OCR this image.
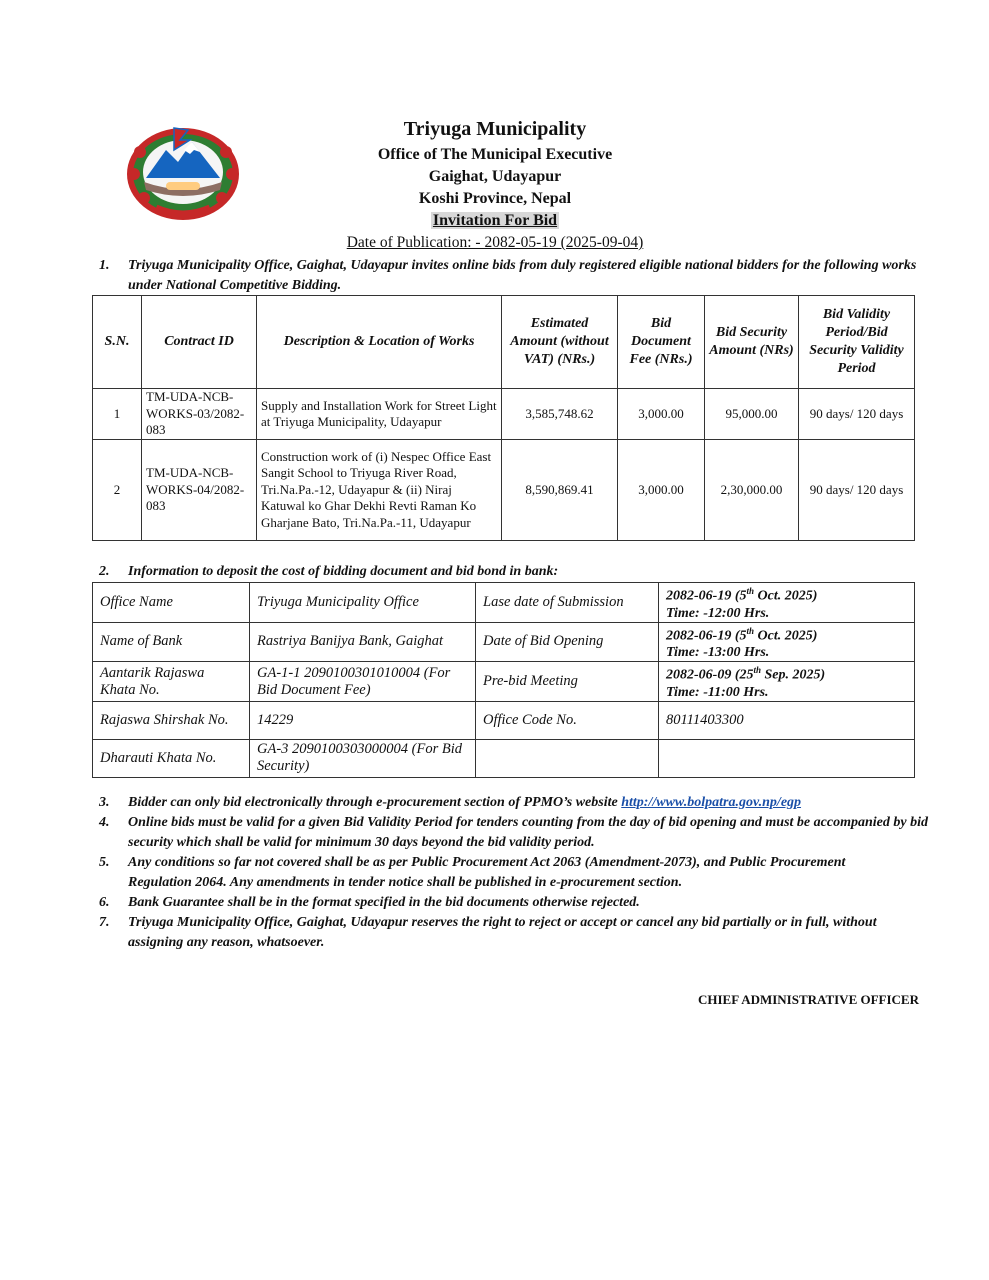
Triyuga Municipality
Office of The Municipal Executive
Gaighat, Udayapur
Koshi Province, Nepal
Invitation For Bid
Date of Publication: - 2082-05-19 (2025-09-04)
1.	Triyuga Municipality Office, Gaighat, Udayapur invites online bids from duly registered eligible national bidders for the following works under National Competitive Bidding.
S.N.	Contract ID	Description & Location of Works	Estimated Amount (without VAT) (NRs.)	Bid Document Fee (NRs.)	Bid Security Amount (NRs)	Bid Validity Period/Bid Security Validity Period
1	TM-UDA-NCB-WORKS-03/2082-083	Supply and Installation Work for Street Light at Triyuga Municipality, Udayapur	3,585,748.62	3,000.00	95,000.00	90 days/ 120 days
2	TM-UDA-NCB-WORKS-04/2082-083	Construction work of (i) Nespec Office East Sangit School to Triyuga River Road, Tri.Na.Pa.-12, Udayapur & (ii) Niraj Katuwal ko Ghar Dekhi Revti Raman Ko Gharjane Bato, Tri.Na.Pa.-11, Udayapur	8,590,869.41	3,000.00	2,30,000.00	90 days/ 120 days
2.	Information to deposit the cost of bidding document and bid bond in bank:
Office Name	Triyuga Municipality Office	Lase date of Submission	2082-06-19 (5th Oct. 2025)
Time: -12:00 Hrs.
Name of Bank	Rastriya Banijya Bank, Gaighat	Date of Bid Opening	2082-06-19 (5th Oct. 2025)
Time: -13:00 Hrs.
Aantarik Rajaswa Khata No.	GA-1-1 2090100301010004 (For Bid Document Fee)	Pre-bid Meeting	2082-06-09 (25th Sep. 2025)
Time: -11:00 Hrs.
Rajaswa Shirshak No.	14229	Office Code No.	80111403300
Dharauti Khata No.	GA-3 2090100303000004 (For Bid Security)		
3.	Bidder can only bid electronically through e-procurement section of PPMO’s website http://www.bolpatra.gov.np/egp
4.	Online bids must be valid for a given Bid Validity Period for tenders counting from the day of bid opening and must be accompanied by bid security which shall be valid for minimum 30 days beyond the bid validity period.
5.	Any conditions so far not covered shall be as per Public Procurement Act 2063 (Amendment-2073), and Public Procurement Regulation 2064. Any amendments in tender notice shall be published in e-procurement section.
6.	Bank Guarantee shall be in the format specified in the bid documents otherwise rejected.
7.	Triyuga Municipality Office, Gaighat, Udayapur reserves the right to reject or accept or cancel any bid partially or in full, without assigning any reason, whatsoever.
CHIEF ADMINISTRATIVE OFFICER
